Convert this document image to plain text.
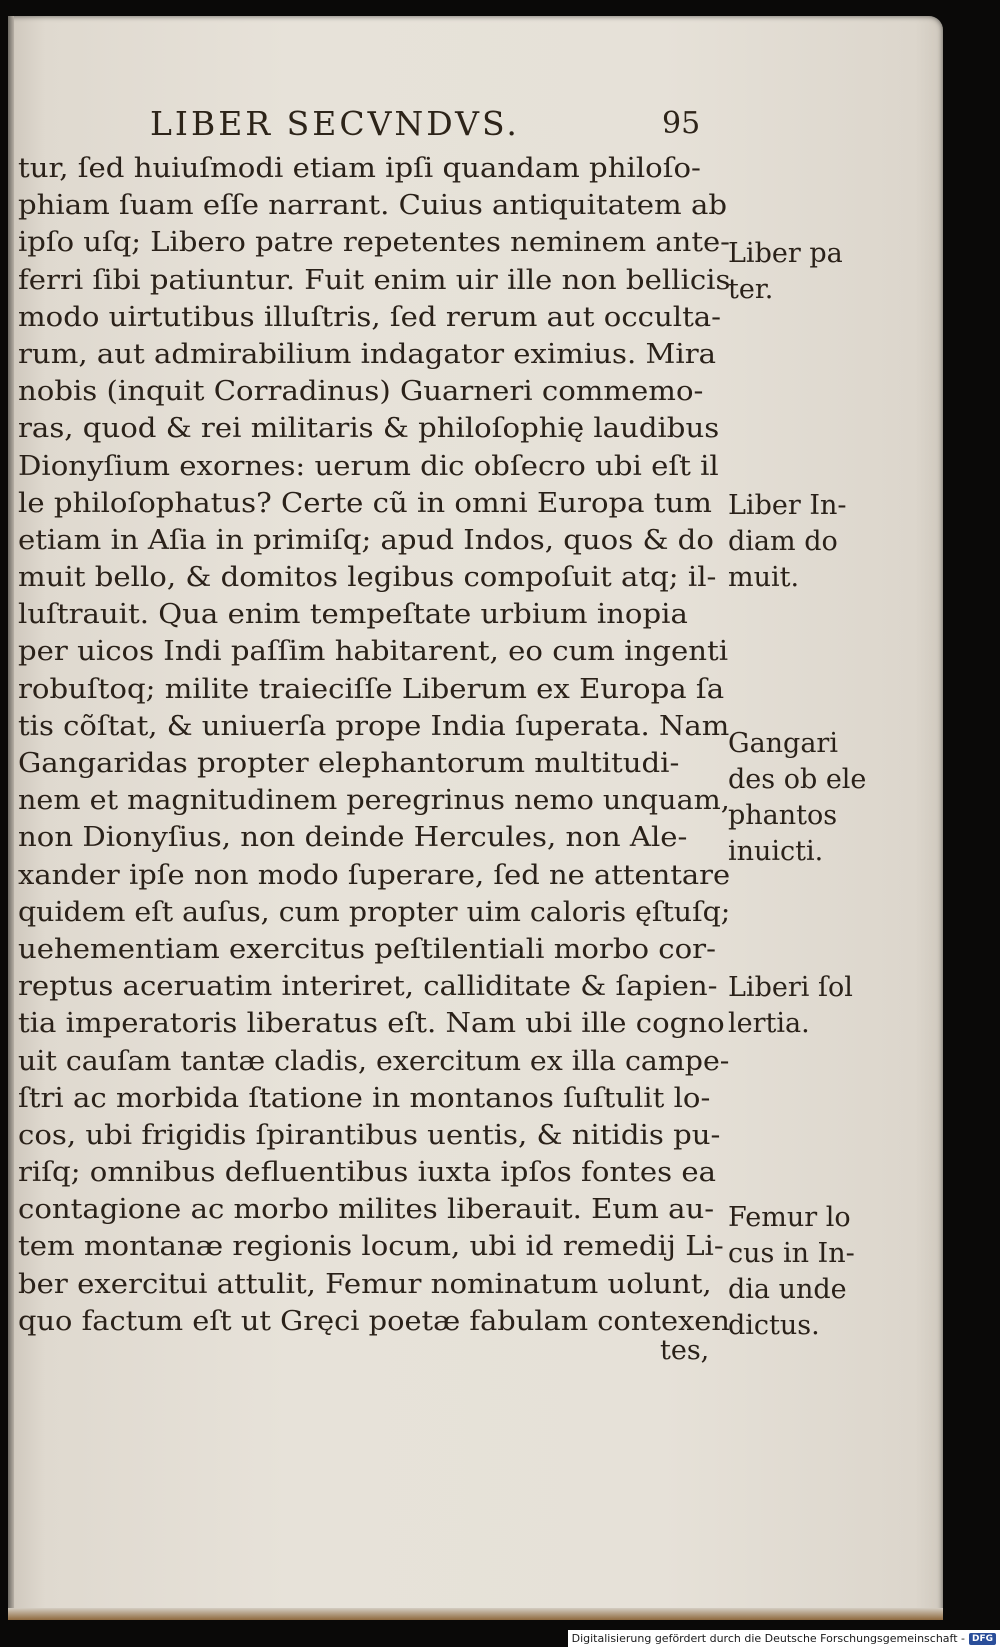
LIBER SECVNDVS.	95
tur, ſed huiuſmodi etiam ipſi quandam philoſo-
phiam ſuam eſſe narrant. Cuius antiquitatem ab
ipſo uſq; Libero patre repetentes neminem ante-
ferri ſibi patiuntur. Fuit enim uir ille non bellicis
modo uirtutibus illuſtris, ſed rerum aut occulta-
rum, aut admirabilium indagator eximius. Mira
nobis (inquit Corradinus) Guarneri commemo-
ras, quod & rei militaris & philoſophię laudibus
Dionyſium exornes: uerum dic obſecro ubi eſt il
le philoſophatus? Certe cũ in omni Europa tum
etiam in Aſia in primiſq; apud Indos, quos & do
muit bello, & domitos legibus compoſuit atq; il-
luſtrauit. Qua enim tempeſtate urbium inopia
per uicos Indi paſſim habitarent, eo cum ingenti
robuſtoq; milite traieciſſe Liberum ex Europa ſa
tis cõſtat, & uniuerſa prope India ſuperata. Nam
Gangaridas propter elephantorum multitudi-
nem et magnitudinem peregrinus nemo unquam,
non Dionyſius, non deinde Hercules, non Ale-
xander ipſe non modo ſuperare, ſed ne attentare
quidem eſt auſus, cum propter uim caloris ęſtuſq;
uehementiam exercitus peſtilentiali morbo cor-
reptus aceruatim interiret, calliditate & ſapien-
tia imperatoris liberatus eſt. Nam ubi ille cogno
uit cauſam tantæ cladis, exercitum ex illa campe-
ſtri ac morbida ſtatione in montanos ſuſtulit lo-
cos, ubi frigidis ſpirantibus uentis, & nitidis pu-
riſq; omnibus defluentibus iuxta ipſos fontes ea
contagione ac morbo milites liberauit. Eum au-
tem montanæ regionis locum, ubi id remedij Li-
ber exercitui attulit, Femur nominatum uolunt,
quo factum eſt ut Gręci poetæ fabulam contexen
Liber pa
ter.
Liber In-
diam do
muit.
Gangari
des ob ele
phantos
inuicti.
Liberi ſol
lertia.
Femur lo
cus in In-
dia unde
dictus.
tes,
Digitalisierung gefördert durch die Deutsche Forschungsgemeinschaft - DFG
